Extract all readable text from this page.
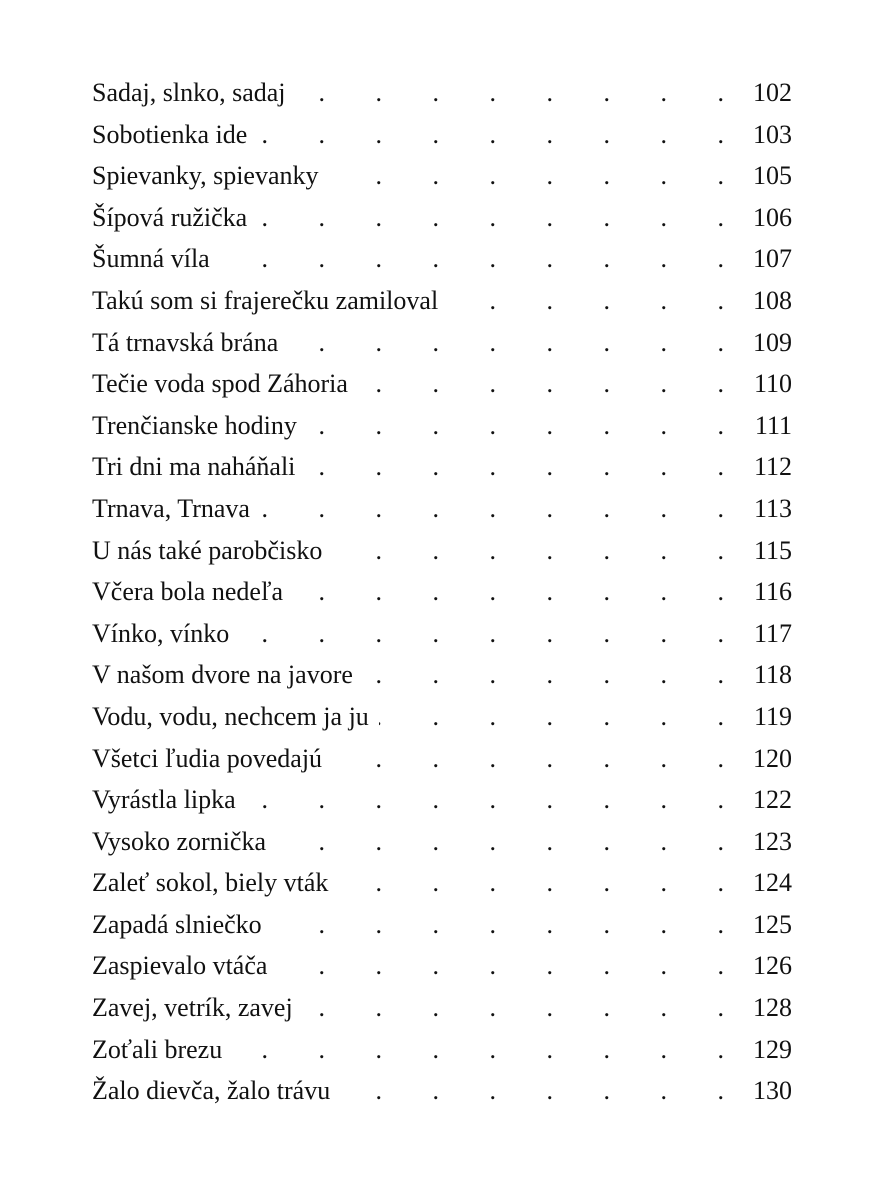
Sadaj, slnko, sadaj . . .	102
Sobotienka ide . . .	103
Spievanky, spievanky . . .	105
Šípová ružička . . .	106
Šumná víla . . .	107
Takú som si frajerečku zamiloval . . .	108
Tá trnavská brána . . .	109
Tečie voda spod Záhoria . . .	110
Trenčianske hodiny . . .	111
Tri dni ma naháňali . . .	112
Trnava, Trnava . . .	113
U nás také parobčisko . . .	115
Včera bola nedeľa . . .	116
Vínko, vínko . . .	117
V našom dvore na javore . . .	118
Vodu, vodu, nechcem ja ju . . .	119
Všetci ľudia povedajú . . .	120
Vyrástla lipka . . .	122
Vysoko zornička . . .	123
Zaleť sokol, biely vták . . .	124
Zapadá slniečko . . .	125
Zaspievalo vtáča . . .	126
Zavej, vetrík, zavej . . .	128
Zoťali brezu . . .	129
Žalo dievča, žalo trávu . . .	130
